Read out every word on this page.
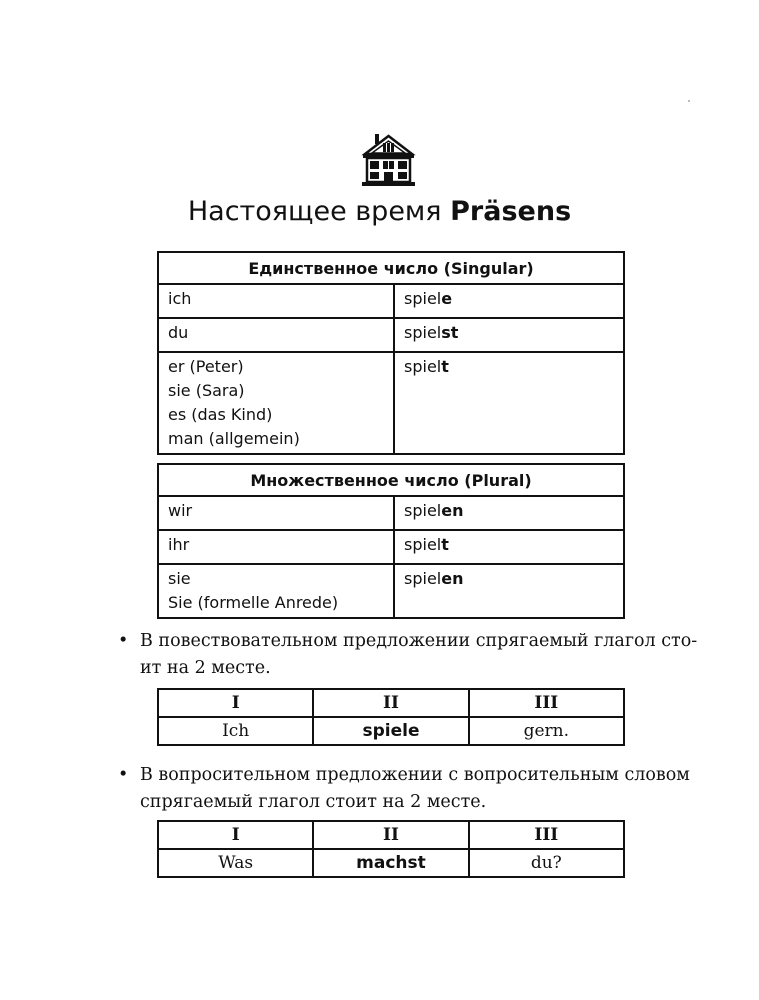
Настоящее время Präsens
Единственное число (Singular)	
ich	spiele
du	spielst

er (Peter)
sie (Sara)
es (das Kind)
man (allgemein)	spielt
Множественное число (Plural)	
wir	spielen
ihr	spielt

sie
Sie (formelle Anrede)	spielen
• В повествовательном предложении спрягаемый глагол сто-
ит на 2 месте.
I	II	III
Ich	spiele	gern.
• В вопросительном предложении с вопросительным словом
спрягаемый глагол стоит на 2 месте.
I	II	III
Was	machst	du?
